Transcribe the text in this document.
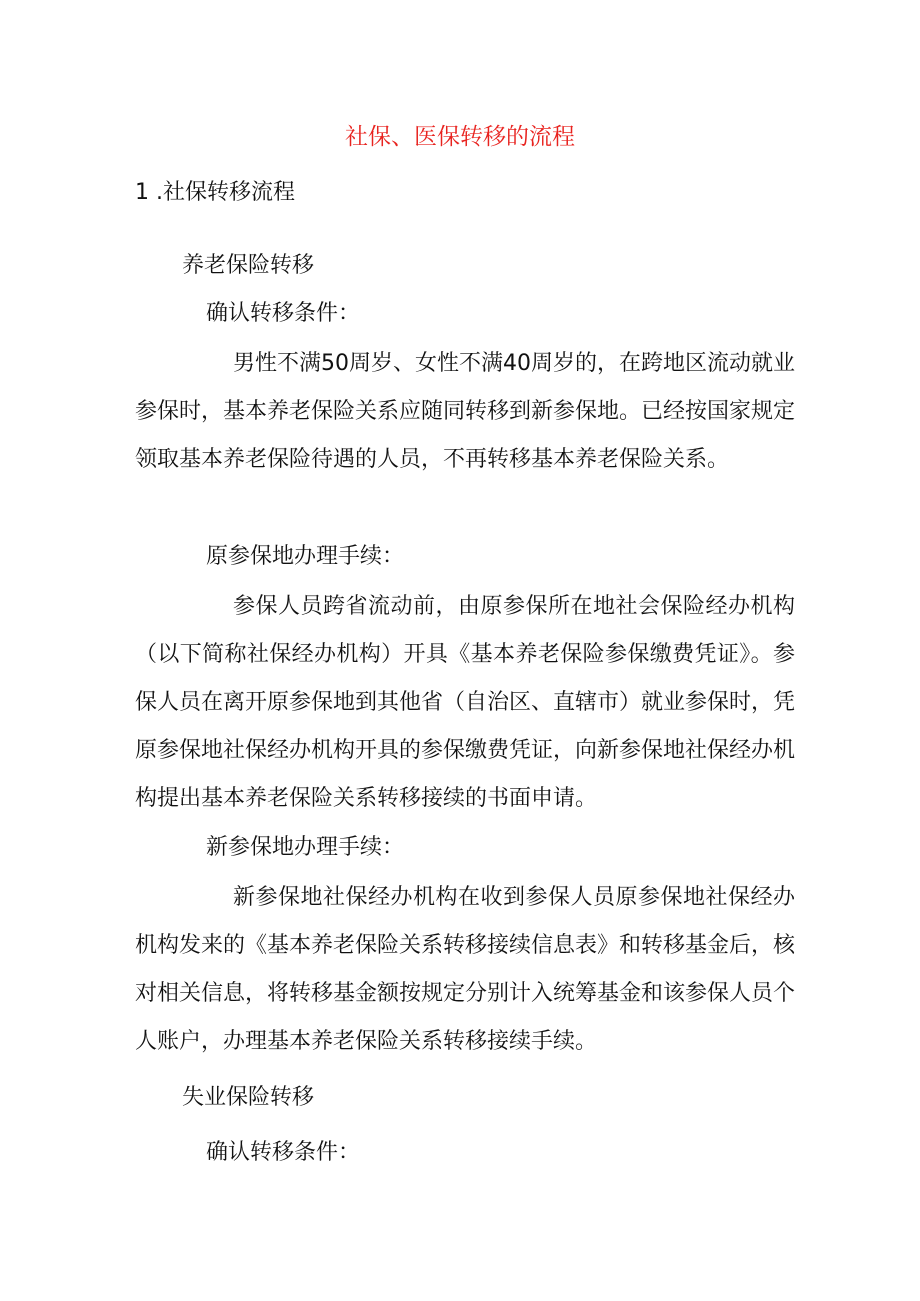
社保、医保转移的流程
1 .社保转移流程
养老保险转移
确认转移条件：

男性不满50周岁、女性不满40周岁的，在跨地区流动就业参保时，基本养老保险关系应随同转移到新参保地。已经按国家规定领取基本养老保险待遇的人员，不再转移基本养老保险关系。

原参保地办理手续：

参保人员跨省流动前，由原参保所在地社会保险经办机构（以下简称社保经办机构）开具《基本养老保险参保缴费凭证》。参保人员在离开原参保地到其他省（自治区、直辖市）就业参保时，凭原参保地社保经办机构开具的参保缴费凭证，向新参保地社保经办机构提出基本养老保险关系转移接续的书面申请。

新参保地办理手续：

新参保地社保经办机构在收到参保人员原参保地社保经办机构发来的《基本养老保险关系转移接续信息表》和转移基金后，核对相关信息，将转移基金额按规定分别计入统筹基金和该参保人员个人账户，办理基本养老保险关系转移接续手续。

失业保险转移
确认转移条件：
